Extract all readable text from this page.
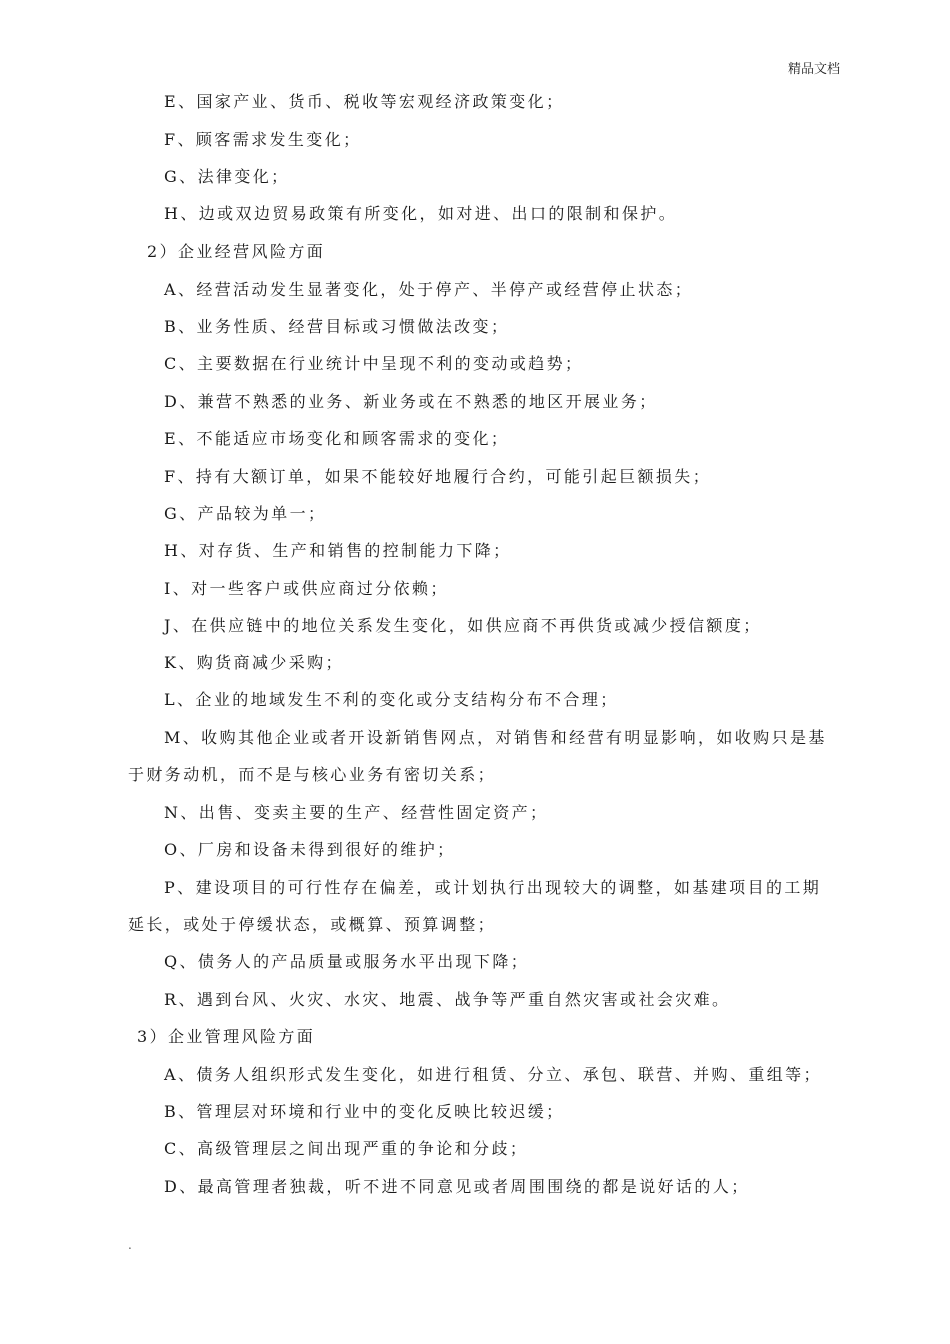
精品文档
E、国家产业、货币、税收等宏观经济政策变化；
F、顾客需求发生变化；
G、法律变化；
H、边或双边贸易政策有所变化，如对进、出口的限制和保护。
2）企业经营风险方面
A、经营活动发生显著变化，处于停产、半停产或经营停止状态；
B、业务性质、经营目标或习惯做法改变；
C、主要数据在行业统计中呈现不利的变动或趋势；
D、兼营不熟悉的业务、新业务或在不熟悉的地区开展业务；
E、不能适应市场变化和顾客需求的变化；
F、持有大额订单，如果不能较好地履行合约，可能引起巨额损失；
G、产品较为单一；
H、对存货、生产和销售的控制能力下降；
I、对一些客户或供应商过分依赖；
J、在供应链中的地位关系发生变化，如供应商不再供货或减少授信额度；
K、购货商减少采购；
L、企业的地域发生不利的变化或分支结构分布不合理；
M、收购其他企业或者开设新销售网点，对销售和经营有明显影响，如收购只是基
于财务动机，而不是与核心业务有密切关系；
N、出售、变卖主要的生产、经营性固定资产；
O、厂房和设备未得到很好的维护；
P、建设项目的可行性存在偏差，或计划执行出现较大的调整，如基建项目的工期
延长，或处于停缓状态，或概算、预算调整；
Q、债务人的产品质量或服务水平出现下降；
R、遇到台风、火灾、水灾、地震、战争等严重自然灾害或社会灾难。
3）企业管理风险方面
A、债务人组织形式发生变化，如进行租赁、分立、承包、联营、并购、重组等；
B、管理层对环境和行业中的变化反映比较迟缓；
C、高级管理层之间出现严重的争论和分歧；
D、最高管理者独裁，听不进不同意见或者周围围绕的都是说好话的人；
.
